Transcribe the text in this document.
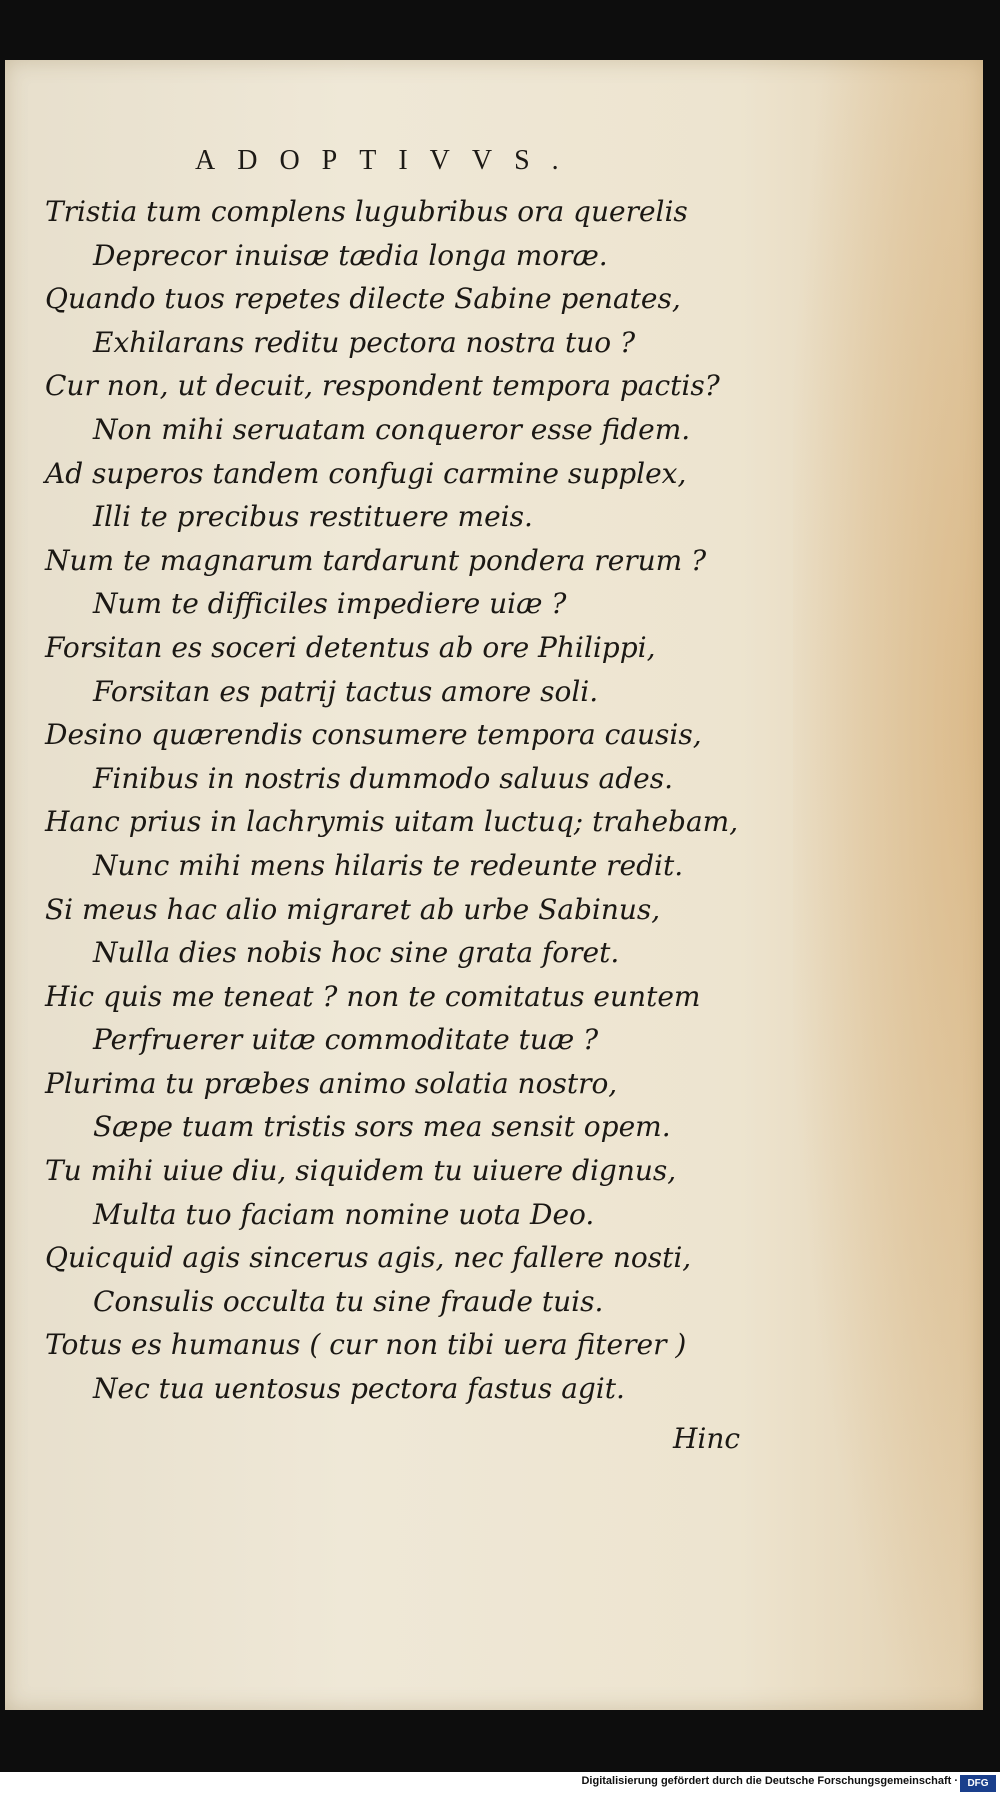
ADOPTIVVS.
Tristia tum complens lugubribus ora querelis
Deprecor inuisæ tædia longa moræ.
Quando tuos repetes dilecte Sabine penates,
Exhilarans reditu pectora nostra tuo ?
Cur non, ut decuit, respondent tempora pactis?
Non mihi seruatam conqueror esse fidem.
Ad superos tandem confugi carmine supplex,
Illi te precibus restituere meis.
Num te magnarum tardarunt pondera rerum ?
Num te difficiles impediere uiæ ?
Forsitan es soceri detentus ab ore Philippi,
Forsitan es patrij tactus amore soli.
Desino quærendis consumere tempora causis,
Finibus in nostris dummodo saluus ades.
Hanc prius in lachrymis uitam luctuq; trahebam,
Nunc mihi mens hilaris te redeunte redit.
Si meus hac alio migraret ab urbe Sabinus,
Nulla dies nobis hoc sine grata foret.
Hic quis me teneat ? non te comitatus euntem
Perfruerer uitæ commoditate tuæ ?
Plurima tu præbes animo solatia nostro,
Sæpe tuam tristis sors mea sensit opem.
Tu mihi uiue diu, siquidem tu uiuere dignus,
Multa tuo faciam nomine uota Deo.
Quicquid agis sincerus agis, nec fallere nosti,
Consulis occulta tu sine fraude tuis.
Totus es humanus ( cur non tibi uera fiterer )
Nec tua uentosus pectora fastus agit.
Hinc
Digitalisierung gefördert durch die Deutsche Forschungsgemeinschaft · DFG
